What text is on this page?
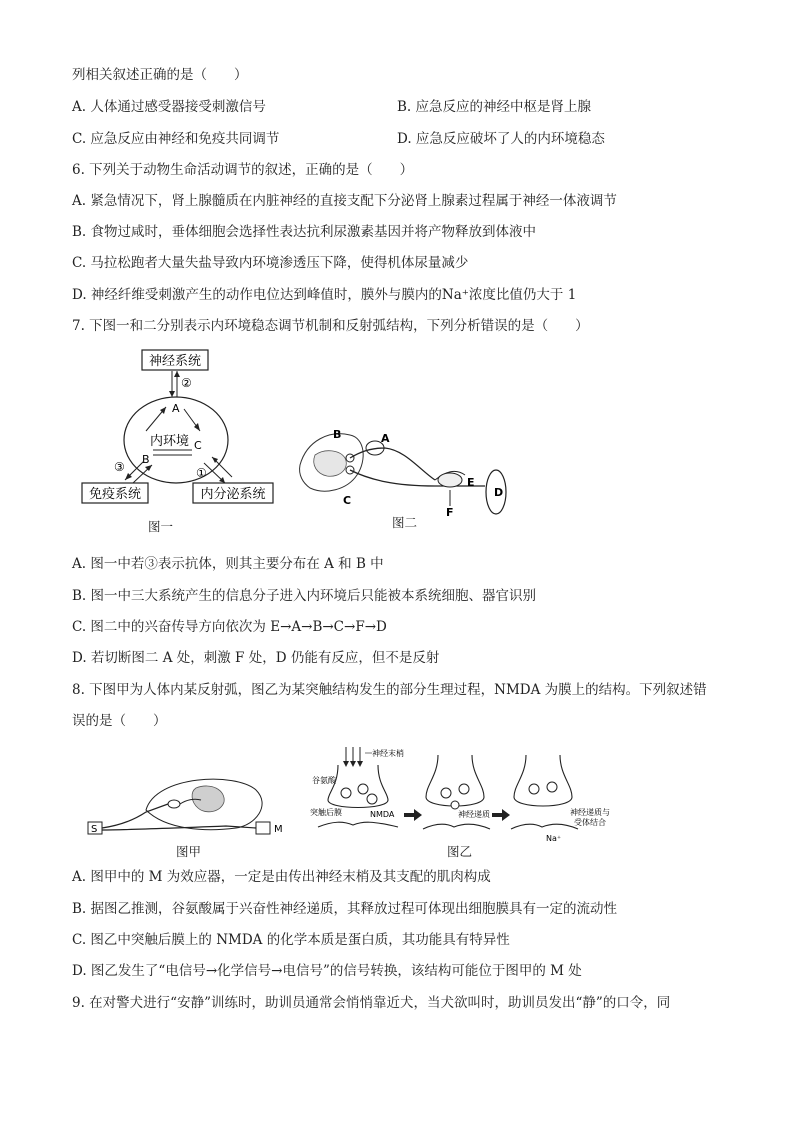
列相关叙述正确的是（　　）
A. 人体通过感受器接受刺激信号	B. 应急反应的神经中枢是肾上腺
C. 应急反应由神经和免疫共同调节	D. 应急反应破坏了人的内环境稳态
6. 下列关于动物生命活动调节的叙述，正确的是（　　）
A. 紧急情况下，肾上腺髓质在内脏神经的直接支配下分泌肾上腺素过程属于神经一体液调节
B. 食物过咸时，垂体细胞会选择性表达抗利尿激素基因并将产物释放到体液中
C. 马拉松跑者大量失盐导致内环境渗透压下降，使得机体尿量减少
D. 神经纤维受刺激产生的动作电位达到峰值时，膜外与膜内的Na⁺浓度比值仍大于 1
7. 下图一和二分别表示内环境稳态调节机制和反射弧结构，下列分析错误的是（　　）
神经系统
②
A
内环境
B
C
③	①
免疫系统	内分泌系统
图一
B	A
C
D
E
F
图二
A. 图一中若③表示抗体，则其主要分布在 A 和 B 中
B. 图一中三大系统产生的信息分子进入内环境后只能被本系统细胞、器官识别
C. 图二中的兴奋传导方向依次为 E→A→B→C→F→D
D. 若切断图二 A 处，刺激 F 处，D 仍能有反应，但不是反射
8. 下图甲为人体内某反射弧，图乙为某突触结构发生的部分生理过程，NMDA 为膜上的结构。下列叙述错
误的是（　　）
S	M
图甲
神经末梢
谷氨酸
突触后膜	NMDA	神经递质	神经递质与
受体结合
Na⁺
图乙
A. 图甲中的 M 为效应器，一定是由传出神经末梢及其支配的肌肉构成
B. 据图乙推测，谷氨酸属于兴奋性神经递质，其释放过程可体现出细胞膜具有一定的流动性
C. 图乙中突触后膜上的 NMDA 的化学本质是蛋白质，其功能具有特异性
D. 图乙发生了“电信号→化学信号→电信号”的信号转换，该结构可能位于图甲的 M 处
9. 在对警犬进行“安静”训练时，助训员通常会悄悄靠近犬，当犬欲叫时，助训员发出“静”的口令，同
